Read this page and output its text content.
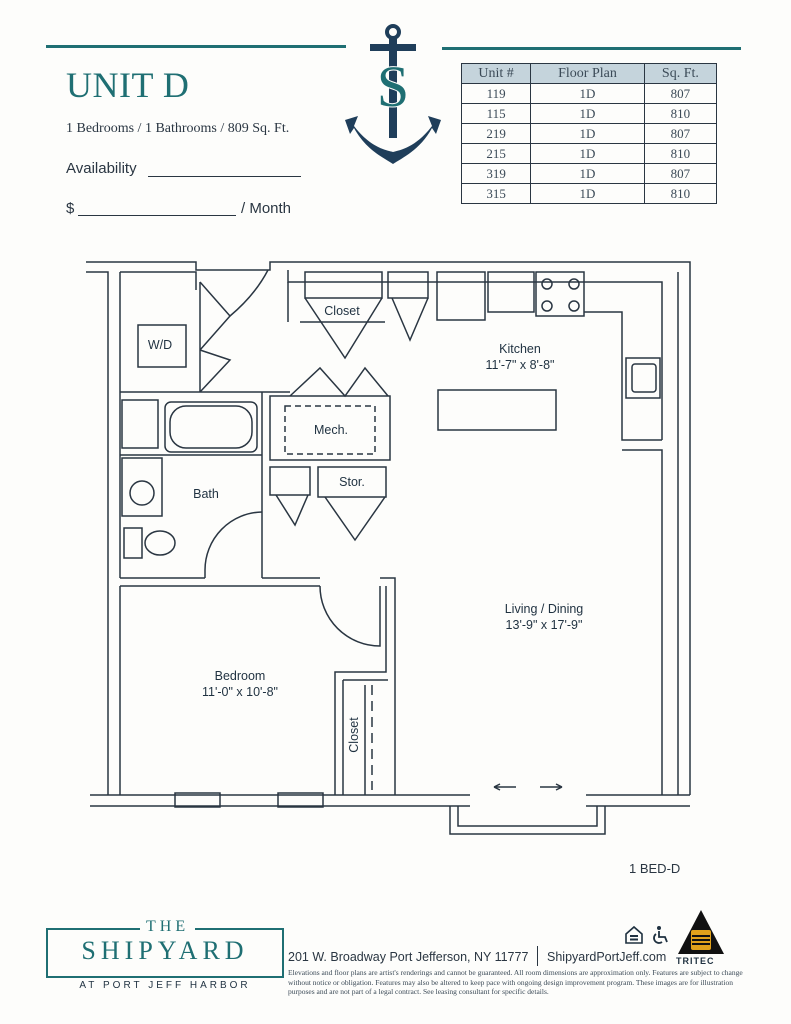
UNIT D
1 Bedrooms / 1 Bathrooms / 809 Sq. Ft.
Availability
$	/ Month
S	Unit #	Floor Plan	Sq. Ft.
119	1D	807
115	1D	810
219	1D	807
215	1D	810
319	1D	807
315	1D	810
W/D
Closet
Kitchen
11'-7" x 8'-8"
Mech.
Bath
Stor.
Living / Dining
13'-9" x 17'-9"
Bedroom
11'-0" x 10'-8"
Closet
1 BED-D
THE
SHIPYARD
AT PORT JEFF HARBOR
201 W. Broadway Port Jefferson, NY 11777 ShipyardPortJeff.com TRITEC
Elevations and floor plans are artist's renderings and cannot be guaranteed. All room dimensions are approximation only. Features are subject to change without notice or obligation. Features may also be altered to keep pace with ongoing design improvement program. These images are for illustration purposes and are not part of a legal contract. See leasing consultant for specific details.
